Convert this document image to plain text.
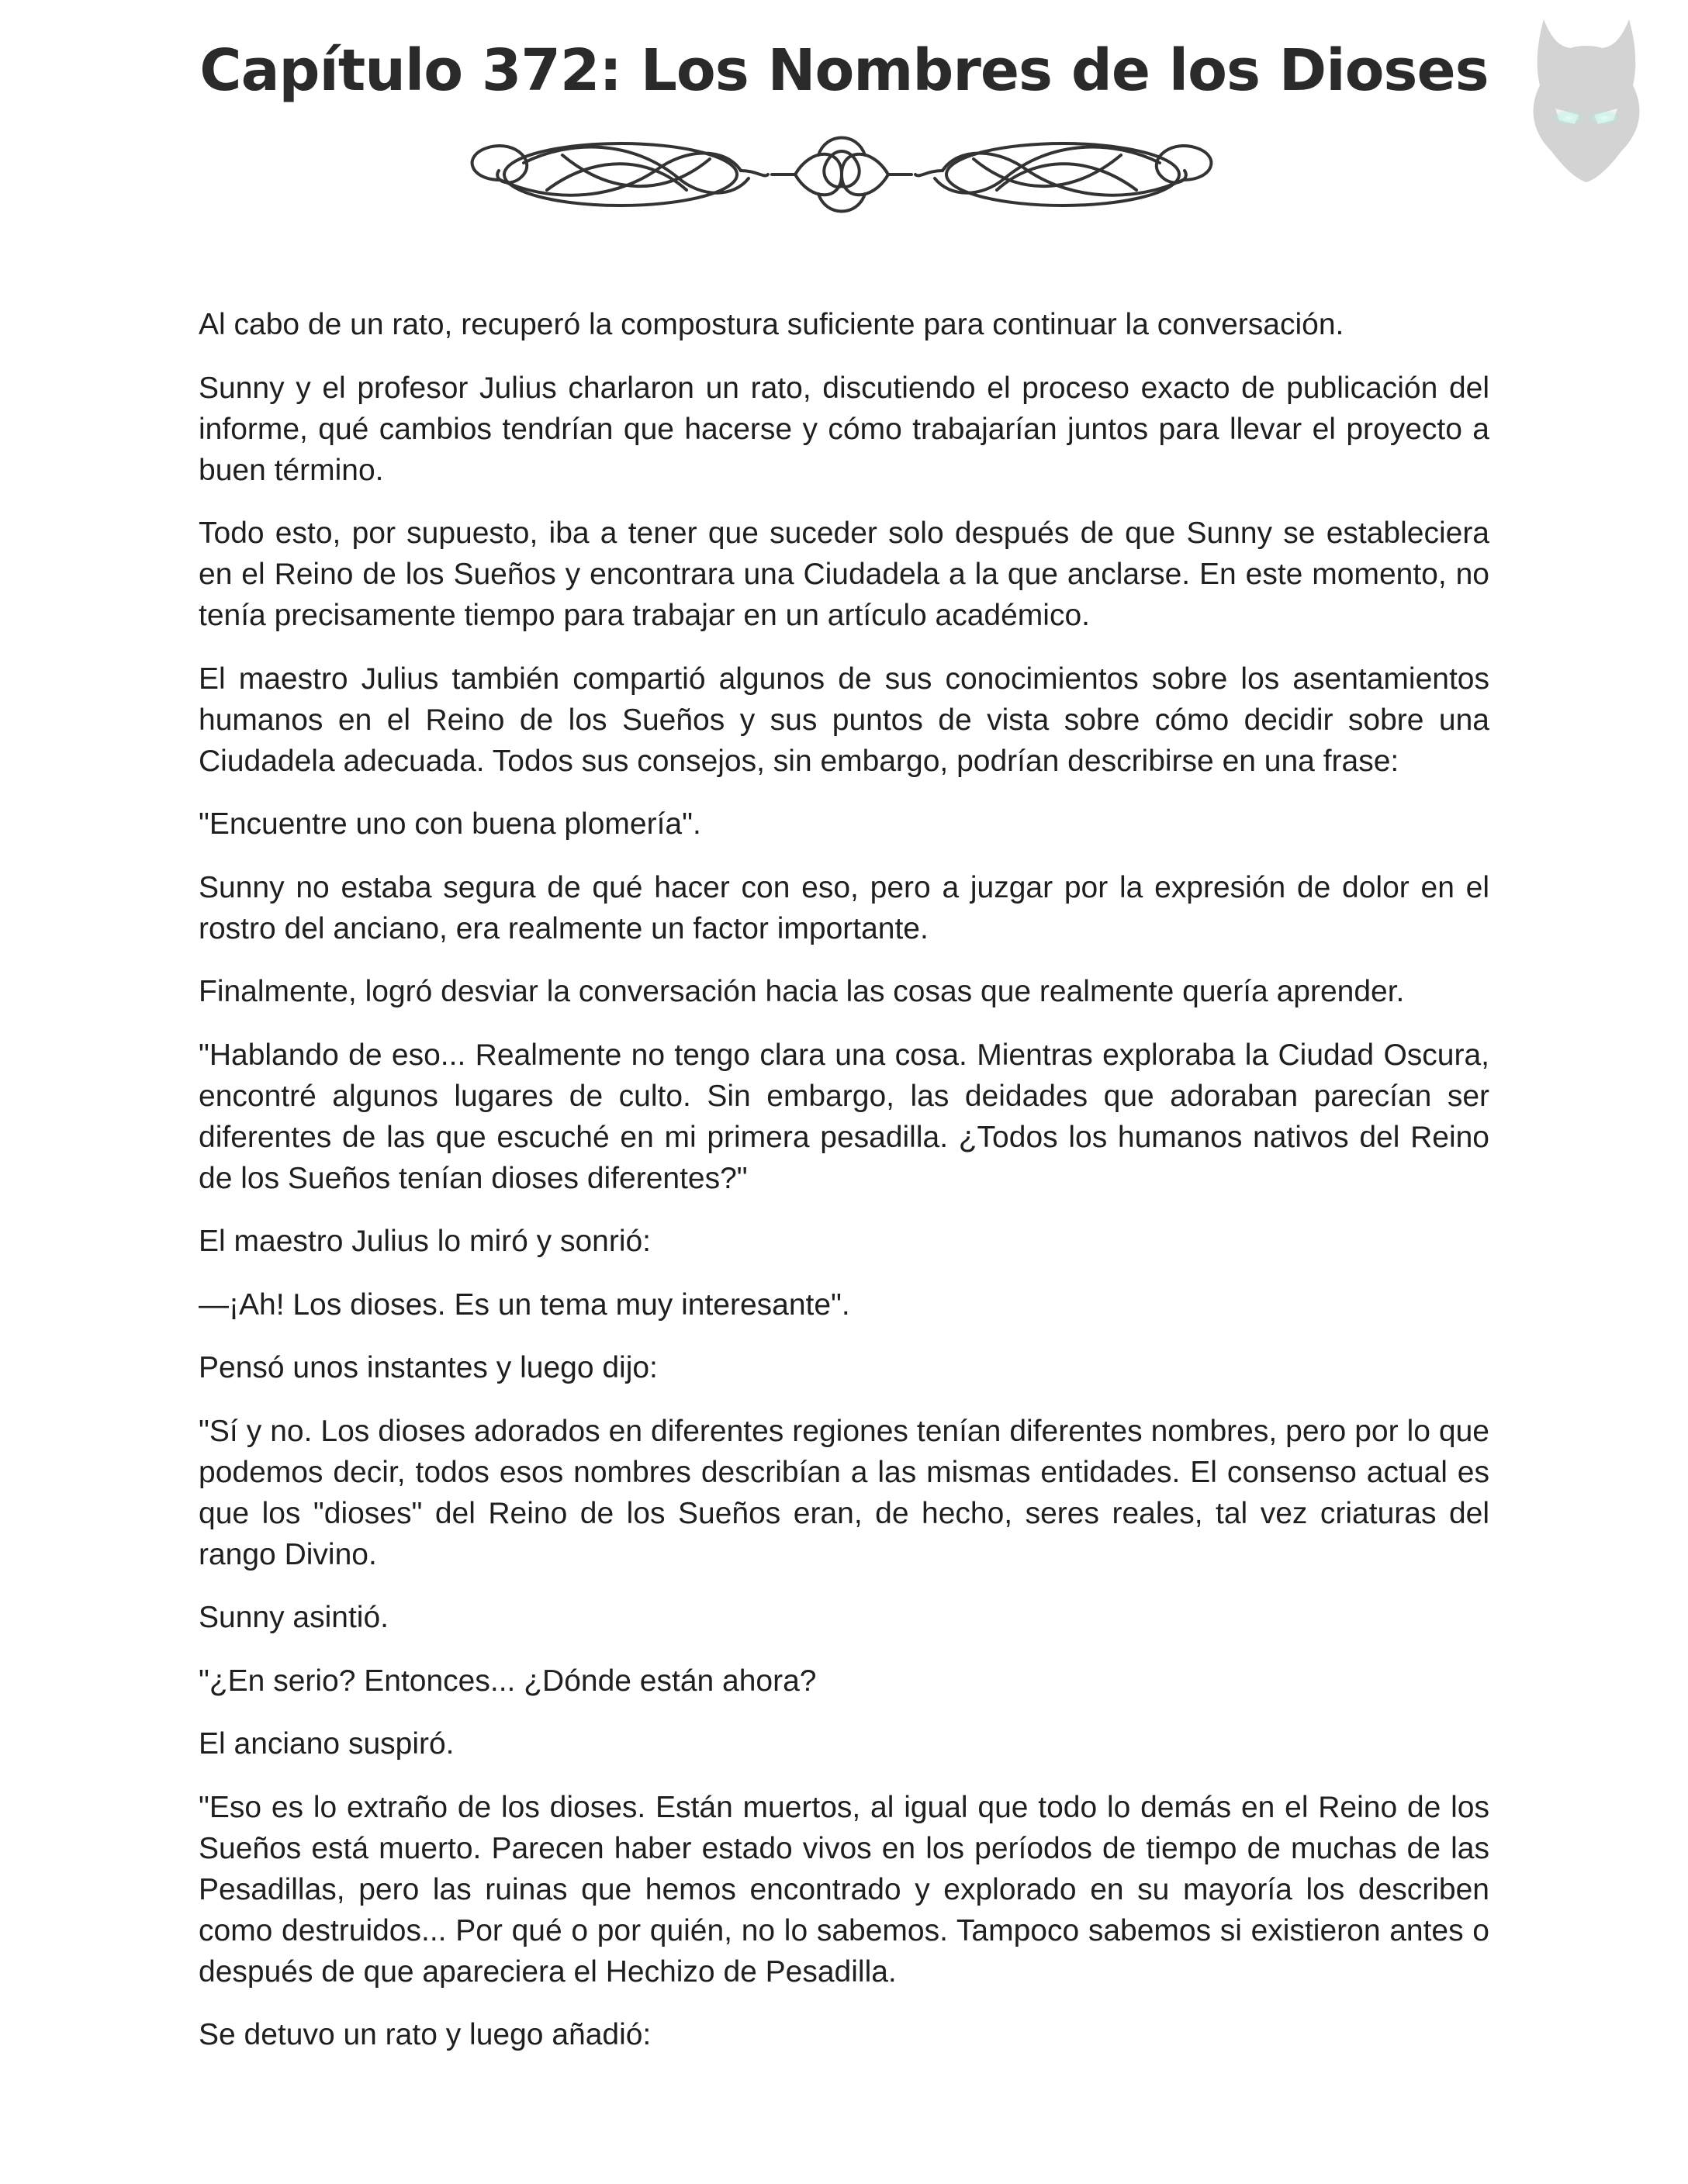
Capítulo 372: Los Nombres de los Dioses

Al cabo de un rato, recuperó la compostura suficiente para continuar la conversación.

Sunny y el profesor Julius charlaron un rato, discutiendo el proceso exacto de publicación del informe, qué cambios tendrían que hacerse y cómo trabajarían juntos para llevar el proyecto a buen término.

Todo esto, por supuesto, iba a tener que suceder solo después de que Sunny se estableciera en el Reino de los Sueños y encontrara una Ciudadela a la que anclarse. En este momento, no tenía precisamente tiempo para trabajar en un artículo académico.

El maestro Julius también compartió algunos de sus conocimientos sobre los asentamientos humanos en el Reino de los Sueños y sus puntos de vista sobre cómo decidir sobre una Ciudadela adecuada. Todos sus consejos, sin embargo, podrían describirse en una frase:

"Encuentre uno con buena plomería".

Sunny no estaba segura de qué hacer con eso, pero a juzgar por la expresión de dolor en el rostro del anciano, era realmente un factor importante.

Finalmente, logró desviar la conversación hacia las cosas que realmente quería aprender.

"Hablando de eso... Realmente no tengo clara una cosa. Mientras exploraba la Ciudad Oscura, encontré algunos lugares de culto. Sin embargo, las deidades que adoraban parecían ser diferentes de las que escuché en mi primera pesadilla. ¿Todos los humanos nativos del Reino de los Sueños tenían dioses diferentes?"

El maestro Julius lo miró y sonrió:

—¡Ah! Los dioses. Es un tema muy interesante".

Pensó unos instantes y luego dijo:

"Sí y no. Los dioses adorados en diferentes regiones tenían diferentes nombres, pero por lo que podemos decir, todos esos nombres describían a las mismas entidades. El consenso actual es que los "dioses" del Reino de los Sueños eran, de hecho, seres reales, tal vez criaturas del rango Divino.

Sunny asintió.

"¿En serio? Entonces... ¿Dónde están ahora?

El anciano suspiró.

"Eso es lo extraño de los dioses. Están muertos, al igual que todo lo demás en el Reino de los Sueños está muerto. Parecen haber estado vivos en los períodos de tiempo de muchas de las Pesadillas, pero las ruinas que hemos encontrado y explorado en su mayoría los describen como destruidos... Por qué o por quién, no lo sabemos. Tampoco sabemos si existieron antes o después de que apareciera el Hechizo de Pesadilla.

Se detuvo un rato y luego añadió:
